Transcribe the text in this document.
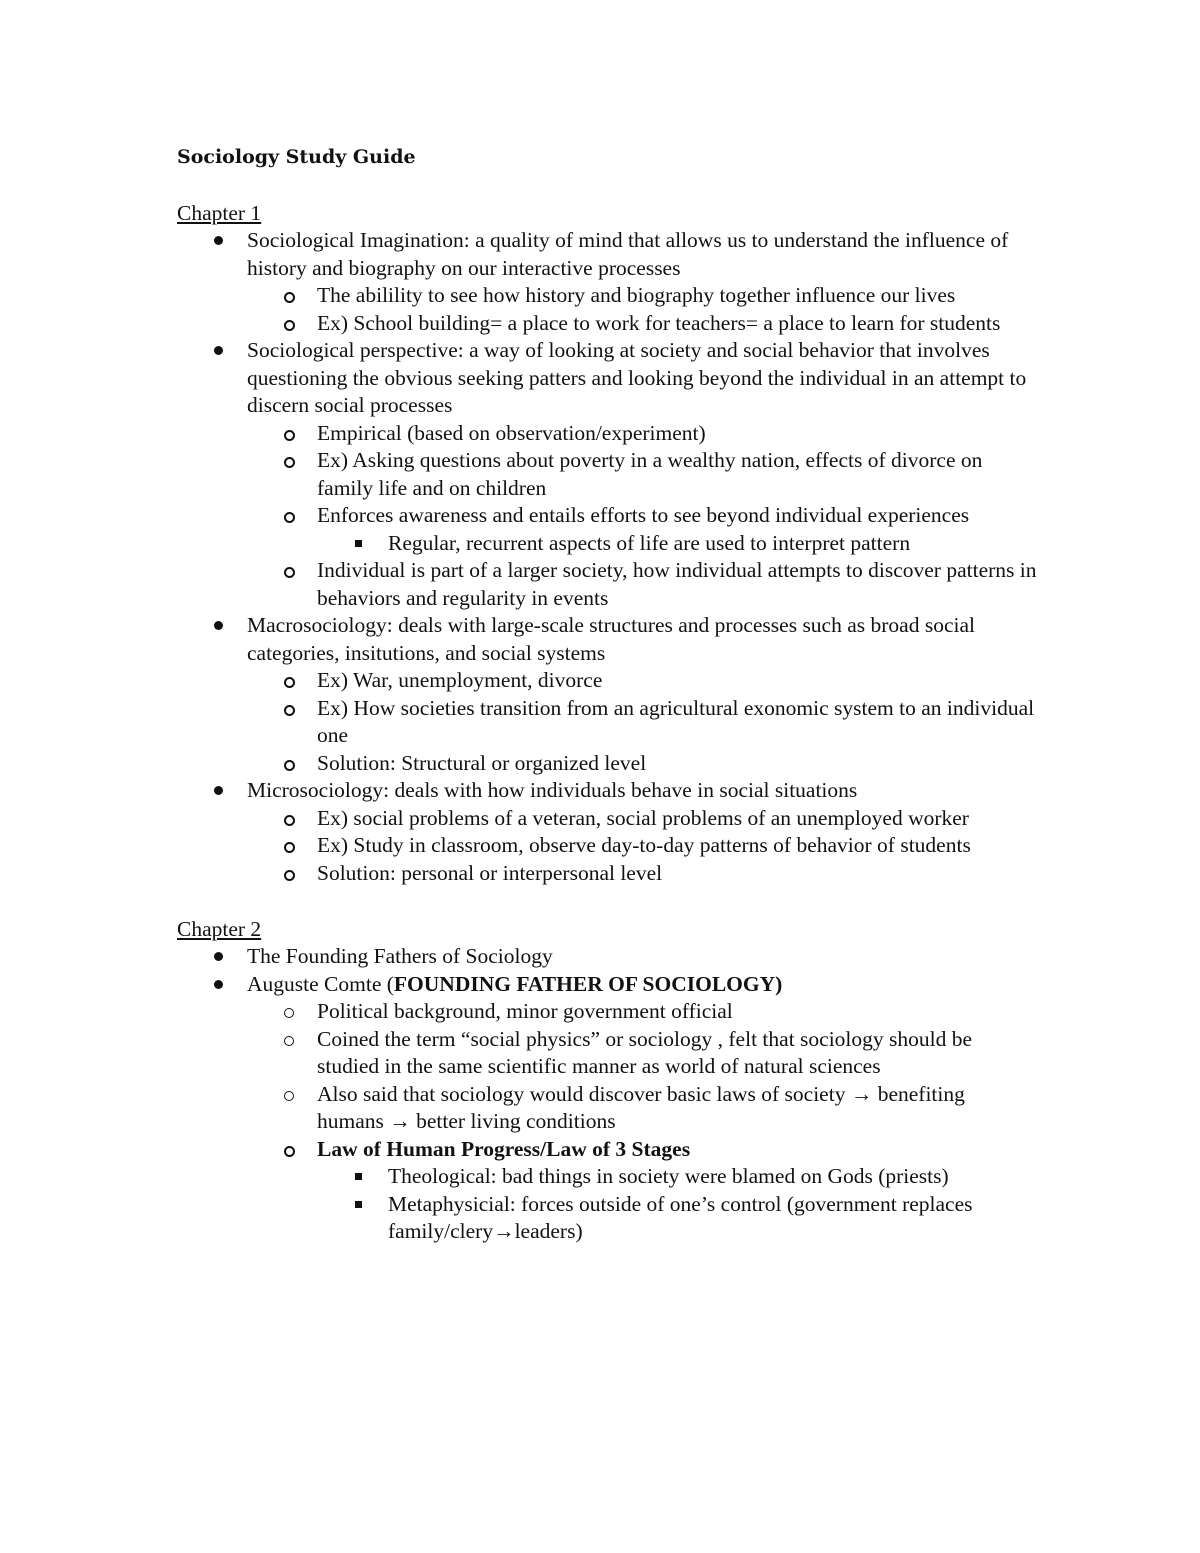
Sociology Study Guide

Chapter 1

Sociological Imagination: a quality of mind that allows us to understand the influence of history and biography on our interactive processes
The abilility to see how history and biography together influence our lives
Ex) School building= a place to work for teachers= a place to learn for students
Sociological perspective: a way of looking at society and social behavior that involves questioning the obvious seeking patters and looking beyond the individual in an attempt to discern social processes
Empirical (based on observation/experiment)
Ex) Asking questions about poverty in a wealthy nation, effects of divorce on family life and on children
Enforces awareness and entails efforts to see beyond individual experiences
Regular, recurrent aspects of life are used to interpret pattern
Individual is part of a larger society, how individual attempts to discover patterns in behaviors and regularity in events
Macrosociology: deals with large-scale structures and processes such as broad social categories, insitutions, and social systems
Ex) War, unemployment, divorce
Ex) How societies transition from an agricultural exonomic system to an individual one
Solution: Structural or organized level
Microsociology: deals with how individuals behave in social situations
Ex) social problems of a veteran, social problems of an unemployed worker
Ex) Study in classroom, observe day-to-day patterns of behavior of students
Solution: personal or interpersonal level

Chapter 2

The Founding Fathers of Sociology
Auguste Comte (FOUNDING FATHER OF SOCIOLOGY)
Political background, minor government official
Coined the term “social physics” or sociology , felt that sociology should be studied in the same scientific manner as world of natural sciences
Also said that sociology would discover basic laws of society → benefiting humans → better living conditions
Law of Human Progress/Law of 3 Stages
Theological: bad things in society were blamed on Gods (priests)
Metaphysicial: forces outside of one’s control (government replaces family/clery→leaders)
